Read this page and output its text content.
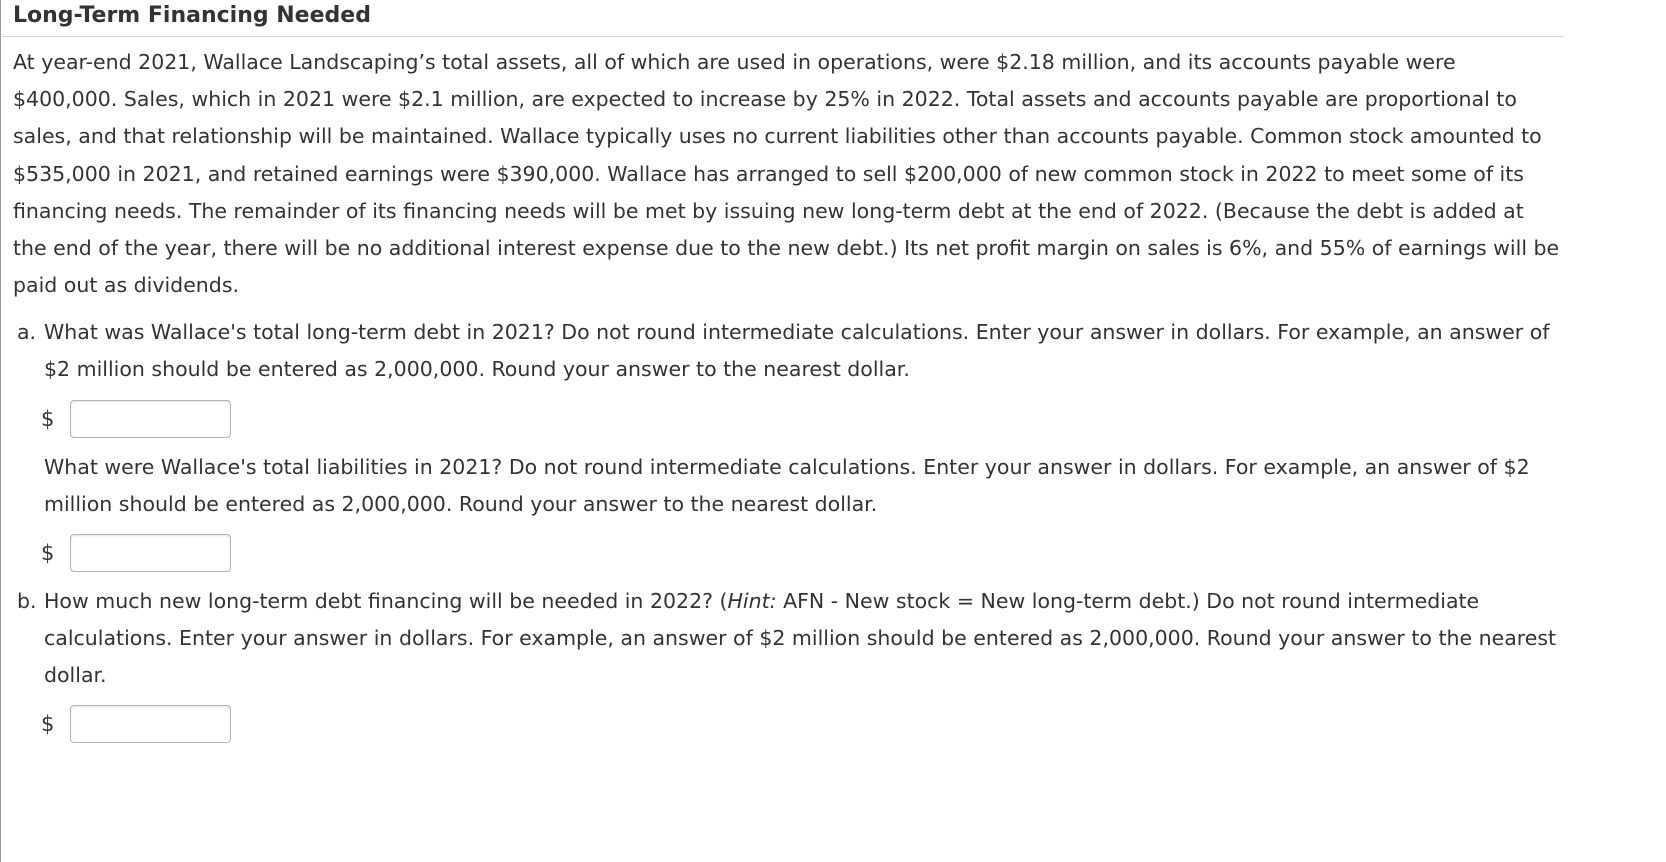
Long-Term Financing Needed

At year-end 2021, Wallace Landscaping’s total assets, all of which are used in operations, were $2.18 million, and its accounts payable were $400,000. Sales, which in 2021 were $2.1 million, are expected to increase by 25% in 2022. Total assets and accounts payable are proportional to sales, and that relationship will be maintained. Wallace typically uses no current liabilities other than accounts payable. Common stock amounted to $535,000 in 2021, and retained earnings were $390,000. Wallace has arranged to sell $200,000 of new common stock in 2022 to meet some of its financing needs. The remainder of its financing needs will be met by issuing new long-term debt at the end of 2022. (Because the debt is added at the end of the year, there will be no additional interest expense due to the new debt.) Its net profit margin on sales is 6%, and 55% of earnings will be paid out as dividends.

a. What was Wallace's total long-term debt in 2021? Do not round intermediate calculations. Enter your answer in dollars. For example, an answer of $2 million should be entered as 2,000,000. Round your answer to the nearest dollar.
$
What were Wallace's total liabilities in 2021? Do not round intermediate calculations. Enter your answer in dollars. For example, an answer of $2 million should be entered as 2,000,000. Round your answer to the nearest dollar.
$
b. How much new long-term debt financing will be needed in 2022? (Hint: AFN - New stock = New long-term debt.) Do not round intermediate calculations. Enter your answer in dollars. For example, an answer of $2 million should be entered as 2,000,000. Round your answer to the nearest dollar.
$
